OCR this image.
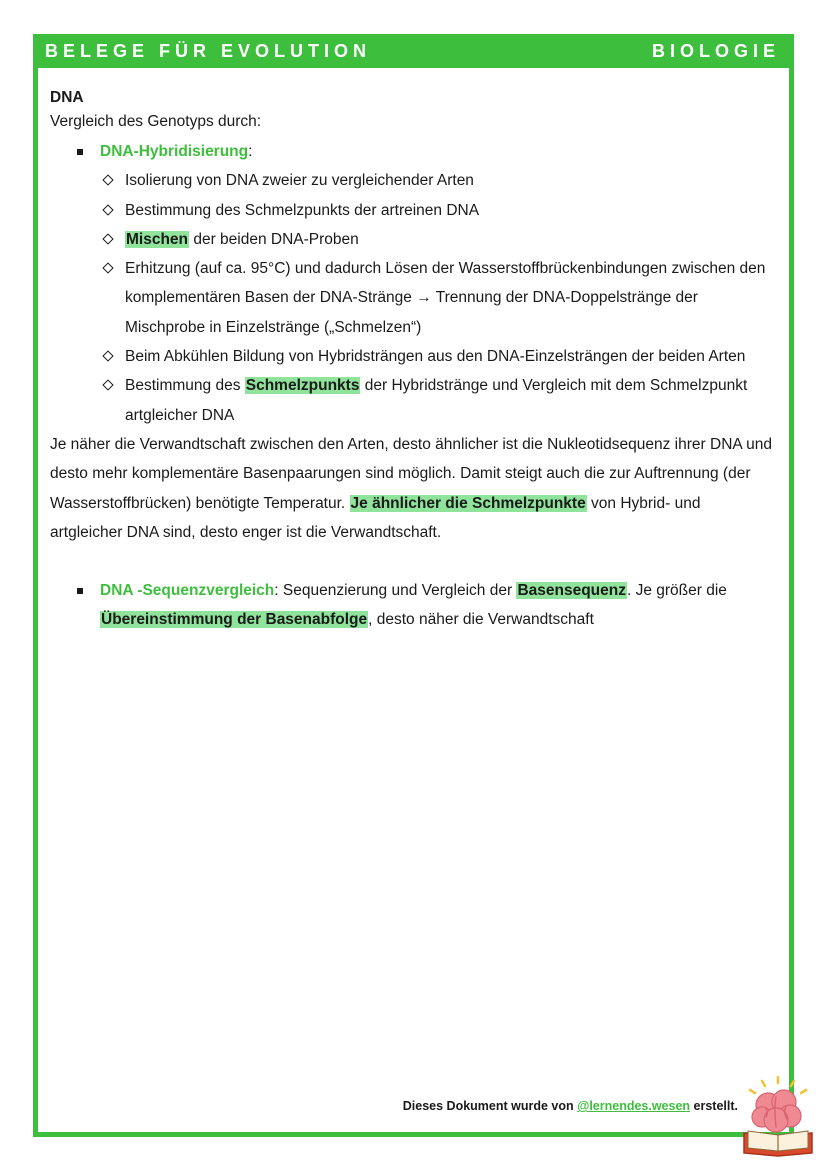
BELEGE FÜR EVOLUTION	BIOLOGIE
DNA
Vergleich des Genotyps durch:
DNA-Hybridisierung:
Isolierung von DNA zweier zu vergleichender Arten
Bestimmung des Schmelzpunkts der artreinen DNA
Mischen der beiden DNA-Proben
Erhitzung (auf ca. 95°C) und dadurch Lösen der Wasserstoffbrückenbindungen zwischen den komplementären Basen der DNA-Stränge → Trennung der DNA-Doppelstränge der Mischprobe in Einzelstränge („Schmelzen“)
Beim Abkühlen Bildung von Hybridsträngen aus den DNA-Einzelsträngen der beiden Arten
Bestimmung des Schmelzpunkts der Hybridstränge und Vergleich mit dem Schmelzpunkt artgleicher DNA
Je näher die Verwandtschaft zwischen den Arten, desto ähnlicher ist die Nukleotidsequenz ihrer DNA und desto mehr komplementäre Basenpaarungen sind möglich. Damit steigt auch die zur Auftrennung (der Wasserstoffbrücken) benötigte Temperatur. Je ähnlicher die Schmelzpunkte von Hybrid- und artgleicher DNA sind, desto enger ist die Verwandtschaft.
DNA -Sequenzvergleich: Sequenzierung und Vergleich der Basensequenz. Je größer die Übereinstimmung der Basenabfolge, desto näher die Verwandtschaft
Dieses Dokument wurde von @lernendes.wesen erstellt.
